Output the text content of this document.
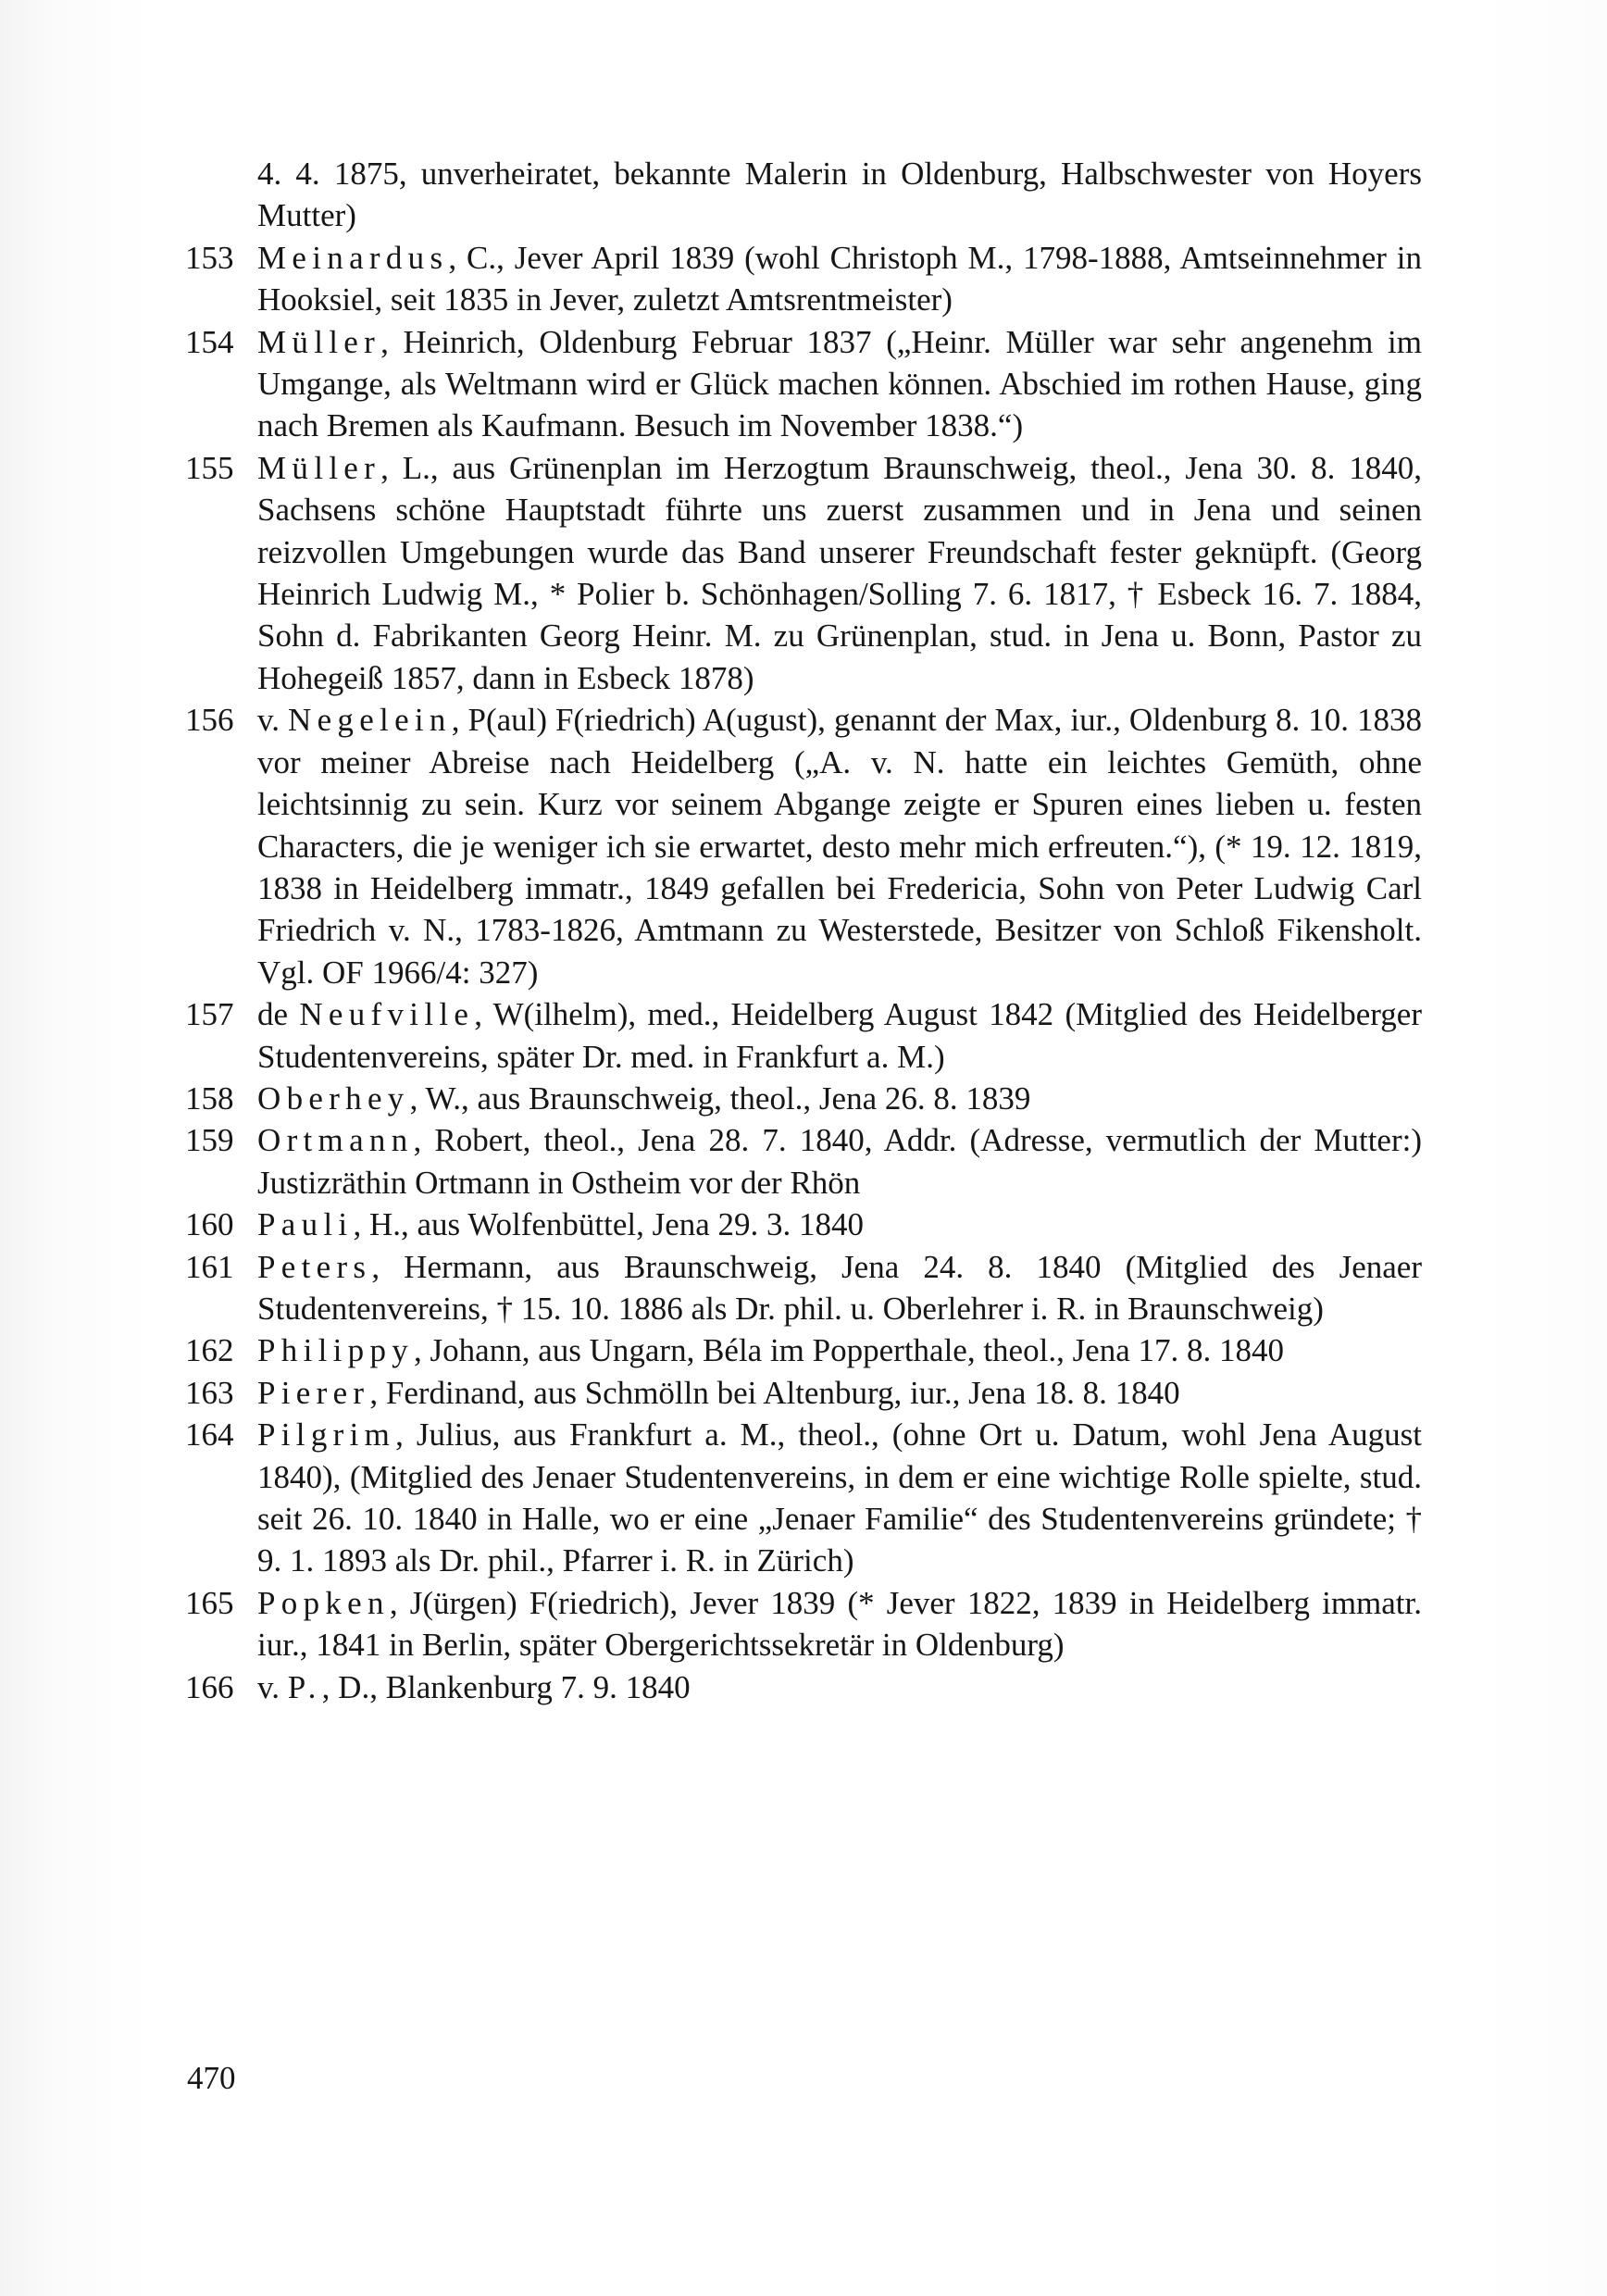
4. 4. 1875, unverheiratet, bekannte Malerin in Oldenburg, Halbschwester von Hoyers Mutter)
153 Meinardus, C., Jever April 1839 (wohl Christoph M., 1798-1888, Amtseinnehmer in Hooksiel, seit 1835 in Jever, zuletzt Amtsrentmeister)
154 Müller, Heinrich, Oldenburg Februar 1837 („Heinr. Müller war sehr angenehm im Umgange, als Weltmann wird er Glück machen können. Abschied im rothen Hause, ging nach Bremen als Kaufmann. Besuch im November 1838.“)
155 Müller, L., aus Grünenplan im Herzogtum Braunschweig, theol., Jena 30. 8. 1840, Sachsens schöne Hauptstadt führte uns zuerst zusammen und in Jena und seinen reizvollen Umgebungen wurde das Band unserer Freundschaft fester geknüpft. (Georg Heinrich Ludwig M., * Polier b. Schönhagen/Solling 7. 6. 1817, † Esbeck 16. 7. 1884, Sohn d. Fabrikanten Georg Heinr. M. zu Grünenplan, stud. in Jena u. Bonn, Pastor zu Hohegeiß 1857, dann in Esbeck 1878)
156 v. Negelein, P(aul) F(riedrich) A(ugust), genannt der Max, iur., Oldenburg 8. 10. 1838 vor meiner Abreise nach Heidelberg („A. v. N. hatte ein leichtes Gemüth, ohne leichtsinnig zu sein. Kurz vor seinem Abgange zeigte er Spuren eines lieben u. festen Characters, die je weniger ich sie erwartet, desto mehr mich erfreuten.“), (* 19. 12. 1819, 1838 in Heidelberg immatr., 1849 gefallen bei Fredericia, Sohn von Peter Ludwig Carl Friedrich v. N., 1783-1826, Amtmann zu Westerstede, Besitzer von Schloß Fikensholt. Vgl. OF 1966/4: 327)
157 de Neufville, W(ilhelm), med., Heidelberg August 1842 (Mitglied des Heidelberger Studentenvereins, später Dr. med. in Frankfurt a. M.)
158 Oberhey, W., aus Braunschweig, theol., Jena 26. 8. 1839
159 Ortmann, Robert, theol., Jena 28. 7. 1840, Addr. (Adresse, vermutlich der Mutter:) Justizräthin Ortmann in Ostheim vor der Rhön
160 Pauli, H., aus Wolfenbüttel, Jena 29. 3. 1840
161 Peters, Hermann, aus Braunschweig, Jena 24. 8. 1840 (Mitglied des Jenaer Studentenvereins, † 15. 10. 1886 als Dr. phil. u. Oberlehrer i. R. in Braunschweig)
162 Philippy, Johann, aus Ungarn, Béla im Popperthale, theol., Jena 17. 8. 1840
163 Pierer, Ferdinand, aus Schmölln bei Altenburg, iur., Jena 18. 8. 1840
164 Pilgrim, Julius, aus Frankfurt a. M., theol., (ohne Ort u. Datum, wohl Jena August 1840), (Mitglied des Jenaer Studentenvereins, in dem er eine wichtige Rolle spielte, stud. seit 26. 10. 1840 in Halle, wo er eine „Jenaer Familie“ des Studentenvereins gründete; † 9. 1. 1893 als Dr. phil., Pfarrer i. R. in Zürich)
165 Popken, J(ürgen) F(riedrich), Jever 1839 (* Jever 1822, 1839 in Heidelberg immatr. iur., 1841 in Berlin, später Obergerichtssekretär in Oldenburg)
166 v. P., D., Blankenburg 7. 9. 1840
470
